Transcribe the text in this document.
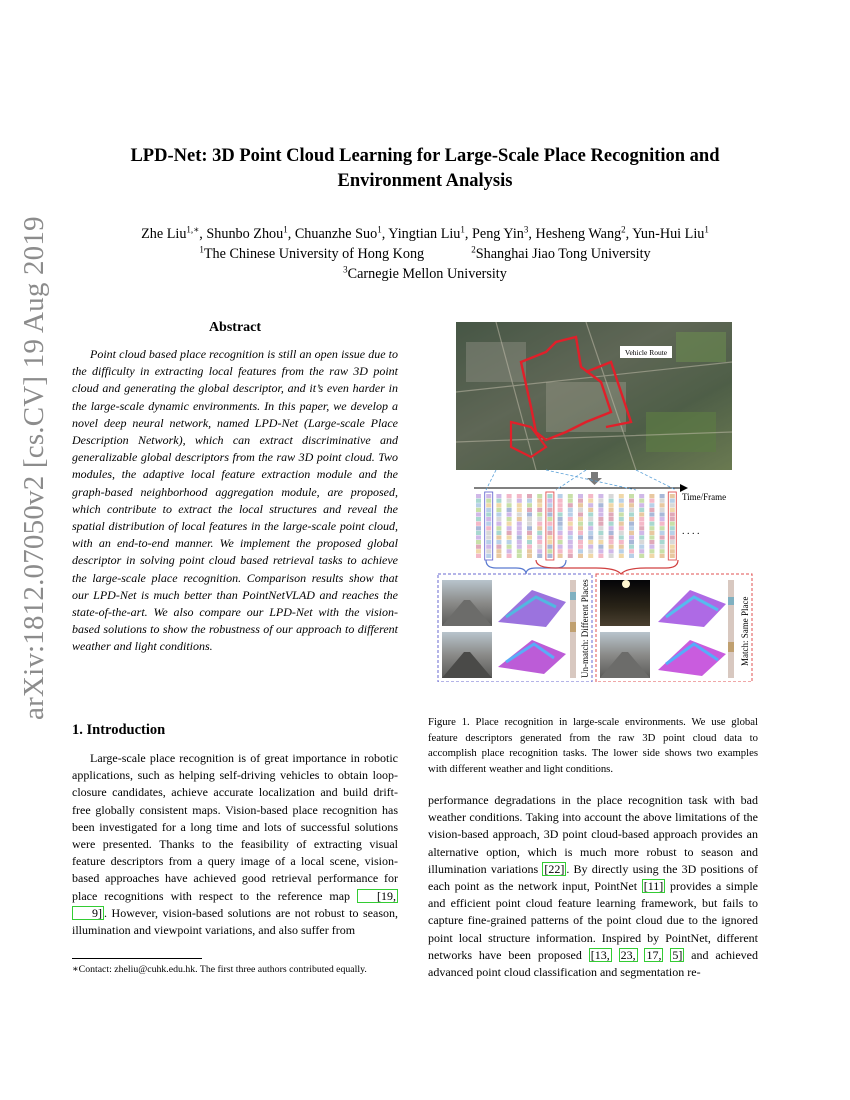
arXiv:1812.07050v2 [cs.CV] 19 Aug 2019
LPD-Net: 3D Point Cloud Learning for Large-Scale Place Recognition and
Environment Analysis
Zhe Liu$^{1,∗}$, Shunbo Zhou$^1$, Chuanzhe Suo$^1$, Yingtian Liu$^1$, Peng Yin$^3$, Hesheng Wang$^2$, Yun-Hui Liu$^1$
$^1$The Chinese University of Hong Kong	$^2$Shanghai Jiao Tong University
$^3$Carnegie Mellon University
Abstract

Point cloud based place recognition is still an open issue due to the difficulty in extracting local features from the raw 3D point cloud and generating the global descriptor, and it’s even harder in the large-scale dynamic environments. In this paper, we develop a novel deep neural network, named LPD-Net (Large-scale Place Description Network), which can extract discriminative and generalizable global descriptors from the raw 3D point cloud. Two modules, the adaptive local feature extraction module and the graph-based neighborhood aggregation module, are proposed, which contribute to extract the local structures and reveal the spatial distribution of local features in the large-scale point cloud, with an end-to-end manner. We implement the proposed global descriptor in solving point cloud based retrieval tasks to achieve the large-scale place recognition. Comparison results show that our LPD-Net is much better than PointNetVLAD and reaches the state-of-the-art. We also compare our LPD-Net with the vision-based solutions to show the robustness of our approach to different weather and light conditions.

1. Introduction

Large-scale place recognition is of great importance in robotic applications, such as helping self-driving vehicles to obtain loop-closure candidates, achieve accurate localization and build drift-free globally consistent maps. Vision-based place recognition has been investigated for a long time and lots of successful solutions were presented. Thanks to the feasibility of extracting visual feature descriptors from a query image of a local scene, vision-based approaches have achieved good retrieval performance for place recognitions with respect to the reference map [19,9] . However, vision-based solutions are not robust to season, illumination and viewpoint variations, and also suffer from

∗Contact: zheliu@cuhk.edu.hk. The first three authors contributed equally.
Vehicle Route
Time/Frame
. . . .
Un-match: Different Places	Match: Same Place
Figure 1. Place recognition in large-scale environments. We use global feature descriptors generated from the raw 3D point cloud data to accomplish place recognition tasks. The lower side shows two examples with different weather and light conditions.

performance degradations in the place recognition task with bad weather conditions. Taking into account the above limitations of the vision-based approach, 3D point cloud-based approach provides an alternative option, which is much more robust to season and illumination variations [22] . By directly using the 3D positions of each point as the network input, PointNet [11] provides a simple and efficient point cloud feature learning framework, but fails to capture fine-grained patterns of the point cloud due to the ignored point local structure information. Inspired by PointNet, different networks have been proposed [13, 23, 17, 5] and achieved advanced point cloud classification and segmentation re-
